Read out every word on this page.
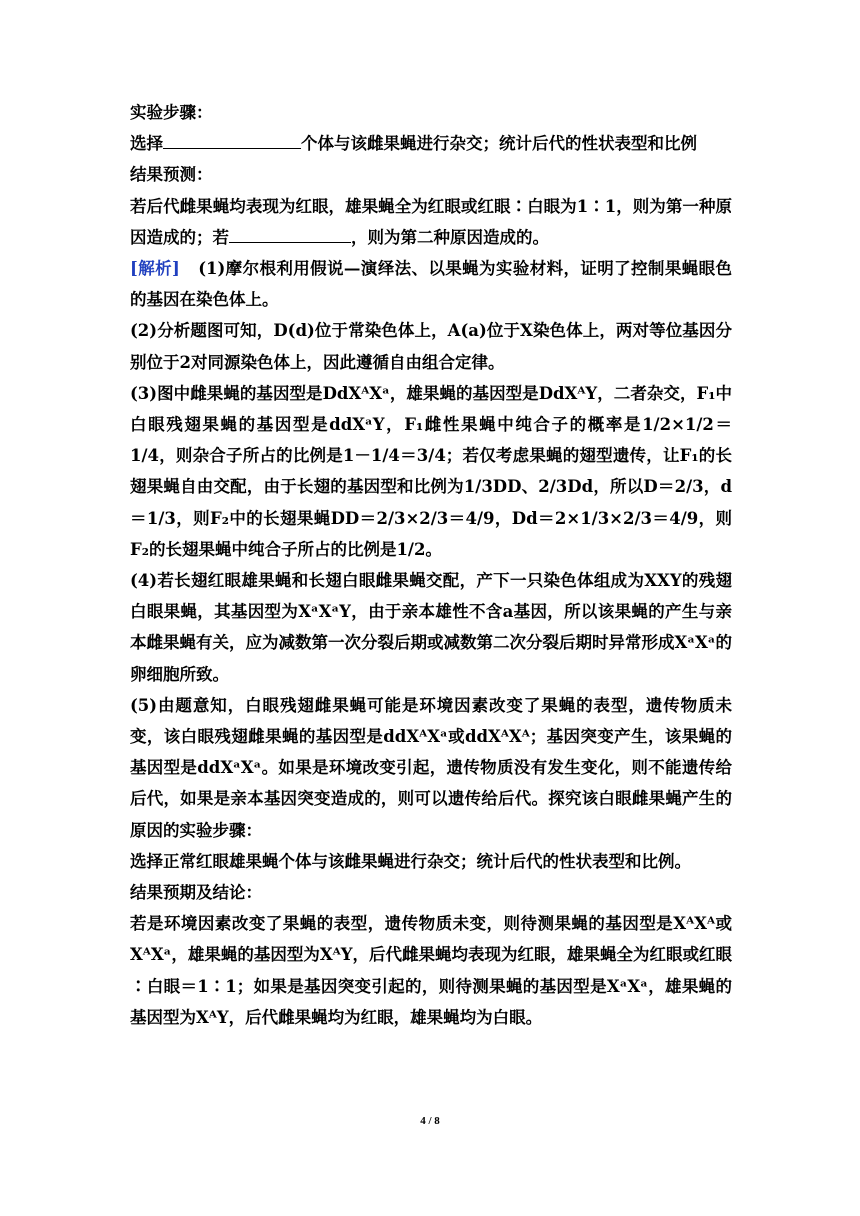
实验步骤：

选择	个体与该雌果蝇进行杂交；统计后代的性状表型和比例

结果预测：

若后代雌果蝇均表现为红眼，雄果蝇全为红眼或红眼∶白眼为1∶1，则为第一种原因造成的；若	，则为第二种原因造成的。

[解析] (1)摩尔根利用假说—演绎法、以果蝇为实验材料，证明了控制果蝇眼色的基因在染色体上。

(2)分析题图可知，D(d)位于常染色体上，A(a)位于X染色体上，两对等位基因分别位于2对同源染色体上，因此遵循自由组合定律。

(3)图中雌果蝇的基因型是DdXᴬXᵃ，雄果蝇的基因型是DdXᴬY，二者杂交，F₁中白眼残翅果蝇的基因型是ddXᵃY，F₁雌性果蝇中纯合子的概率是1/2×1/2＝1/4，则杂合子所占的比例是1－1/4＝3/4；若仅考虑果蝇的翅型遗传，让F₁的长翅果蝇自由交配，由于长翅的基因型和比例为1/3DD、2/3Dd，所以D＝2/3，d＝1/3，则F₂中的长翅果蝇DD＝2/3×2/3＝4/9，Dd＝2×1/3×2/3＝4/9，则F₂的长翅果蝇中纯合子所占的比例是1/2。

(4)若长翅红眼雄果蝇和长翅白眼雌果蝇交配，产下一只染色体组成为XXY的残翅白眼果蝇，其基因型为XᵃXᵃY，由于亲本雄性不含a基因，所以该果蝇的产生与亲本雌果蝇有关，应为减数第一次分裂后期或减数第二次分裂后期时异常形成XᵃXᵃ的卵细胞所致。

(5)由题意知，白眼残翅雌果蝇可能是环境因素改变了果蝇的表型，遗传物质未变，该白眼残翅雌果蝇的基因型是ddXᴬXᵃ或ddXᴬXᴬ；基因突变产生，该果蝇的基因型是ddXᵃXᵃ。如果是环境改变引起，遗传物质没有发生变化，则不能遗传给后代，如果是亲本基因突变造成的，则可以遗传给后代。探究该白眼雌果蝇产生的原因的实验步骤：

选择正常红眼雄果蝇个体与该雌果蝇进行杂交；统计后代的性状表型和比例。

结果预期及结论：

若是环境因素改变了果蝇的表型，遗传物质未变，则待测果蝇的基因型是XᴬXᴬ或XᴬXᵃ，雄果蝇的基因型为XᴬY，后代雌果蝇均表现为红眼，雄果蝇全为红眼或红眼∶白眼＝1∶1；如果是基因突变引起的，则待测果蝇的基因型是XᵃXᵃ，雄果蝇的基因型为XᴬY，后代雌果蝇均为红眼，雄果蝇均为白眼。

4 / 8
